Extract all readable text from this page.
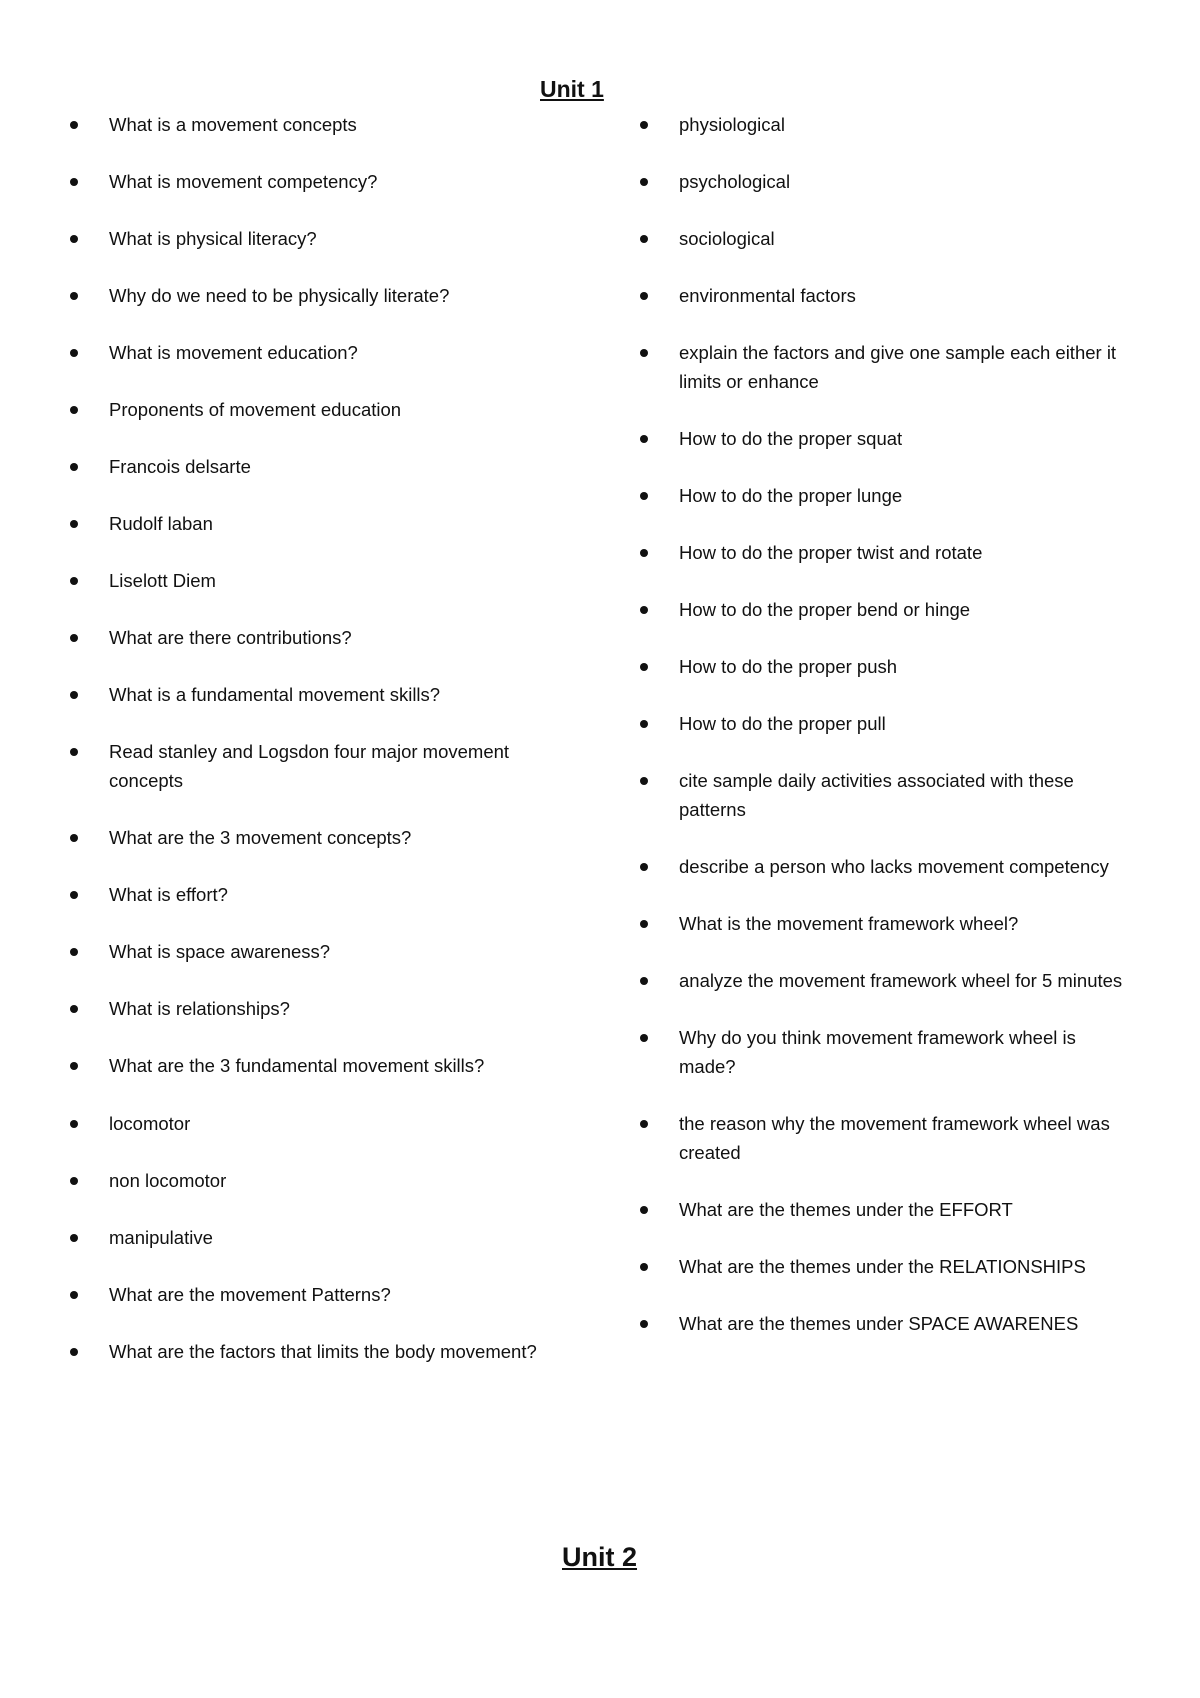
Unit 1
What is a movement concepts
What is movement competency?
What is physical literacy?
Why do we need to be physically literate?
What is movement education?
Proponents of movement education
Francois delsarte
Rudolf laban
Liselott Diem
What are there contributions?
What is a fundamental movement skills?
Read stanley and Logsdon four major movement concepts
What are the 3 movement concepts?
What is effort?
What is space awareness?
What is relationships?
What are the 3 fundamental movement skills?
locomotor
non locomotor
manipulative
What are the movement Patterns?
What are the factors that limits the body movement?
physiological
psychological
sociological
environmental factors
explain the factors and give one sample each either it limits or enhance
How to do the proper squat
How to do the proper lunge
How to do the proper twist and rotate
How to do the proper bend or hinge
How to do the proper push
How to do the proper pull
cite sample daily activities associated with these patterns
describe a person who lacks movement competency
What is the movement framework wheel?
analyze the movement framework wheel for 5 minutes
Why do you think movement framework wheel is made?
the reason why the movement framework wheel was created
What are the themes under the EFFORT
What are the themes under the RELATIONSHIPS
What are the themes under SPACE AWARENES
Unit 2
